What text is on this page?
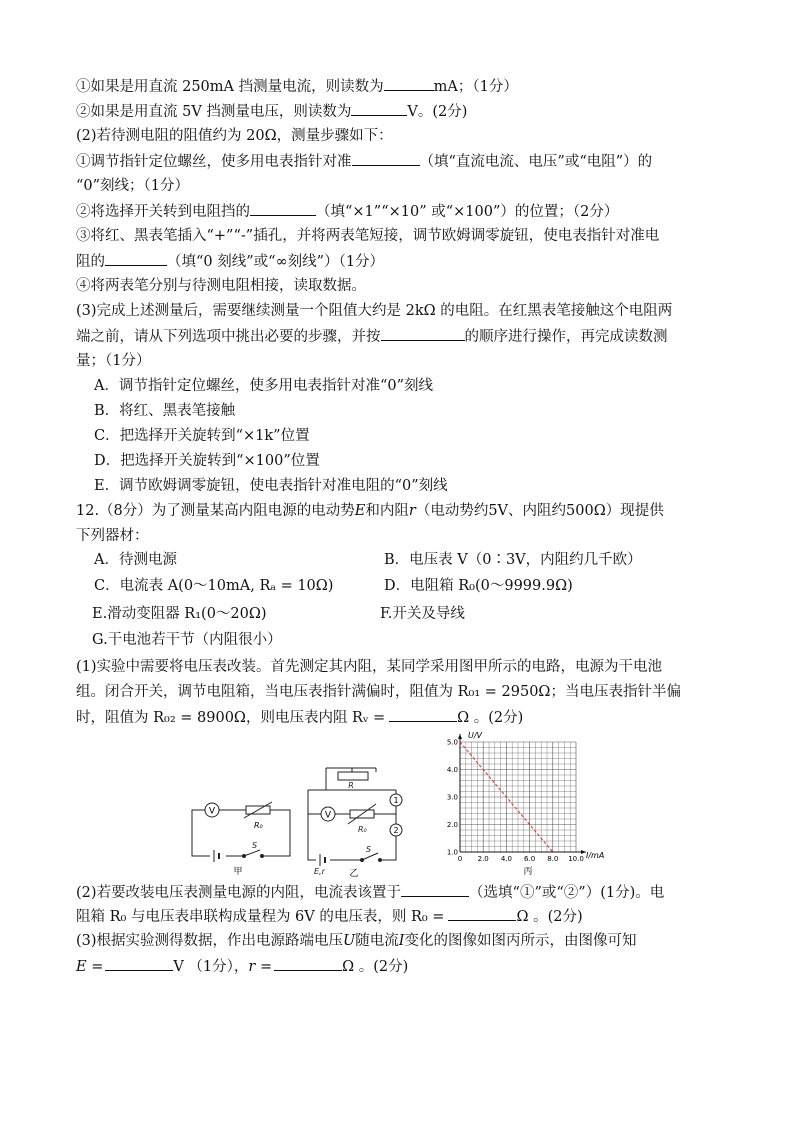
①如果是用直流 250mA 挡测量电流，则读数为	mA；（1分）
②如果是用直流 5V 挡测量电压，则读数为	V。(2分)
(2)若待测电阻的阻值约为 20Ω，测量步骤如下：
①调节指针定位螺丝，使多用电表指针对准	（填“直流电流、电压”或“电阻”）的
“0”刻线；（1分）
②将选择开关转到电阻挡的	（填“×1”“×10” 或“×100”）的位置；（2分）
③将红、黑表笔插入“+”“-”插孔，并将两表笔短接，调节欧姆调零旋钮，使电表指针对准电
阻的	（填“0 刻线”或“∞刻线”）（1分）
④将两表笔分别与待测电阻相接，读取数据。
(3)完成上述测量后，需要继续测量一个阻值大约是 2kΩ 的电阻。在红黑表笔接触这个电阻两
端之前，请从下列选项中挑出必要的步骤，并按	的顺序进行操作，再完成读数测
量；（1分）
A．调节指针定位螺丝，使多用电表指针对准“0”刻线
B．将红、黑表笔接触
C．把选择开关旋转到“×1k”位置
D．把选择开关旋转到“×100”位置
E．调节欧姆调零旋钮，使电表指针对准电阻的“0”刻线
12.（8分）为了测量某高内阻电源的电动势E和内阻r（电动势约5V、内阻约500Ω）现提供
下列器材：
A．待测电源	B．电压表 V（0∶3V，内阻约几千欧）
C．电流表 A(0～10mA, Rₐ = 10Ω)	D．电阻箱 R₀(0～9999.9Ω)
E.滑动变阻器 R₁(0～20Ω)	F.开关及导线
G.干电池若干节（内阻很小）
(1)实验中需要将电压表改装。首先测定其内阻，某同学采用图甲所示的电路，电源为干电池
组。闭合开关，调节电阻箱，当电压表指针满偏时，阻值为 R₀₁ = 2950Ω；当电压表指针半偏
时，阻值为 R₀₂ = 8900Ω，则电压表内阻 Rᵥ =	Ω 。(2分)
V
R₀
S
甲
R
V
R₀
1
2
E,r
S
乙
0 2.0 4.0 6.0 8.0 10.0
1.0
2.0
3.0
4.0
5.0
U/V
I/mA
丙
(2)若要改装电压表测量电源的内阻，电流表该置于	（选填“①”或“②”）(1分)。电
阻箱 R₀ 与电压表串联构成量程为 6V 的电压表，则 R₀ =	Ω 。(2分)
(3)根据实验测得数据，作出电源路端电压U随电流I变化的图像如图丙所示，由图像可知
E =	V （1分），r =	Ω 。(2分)
